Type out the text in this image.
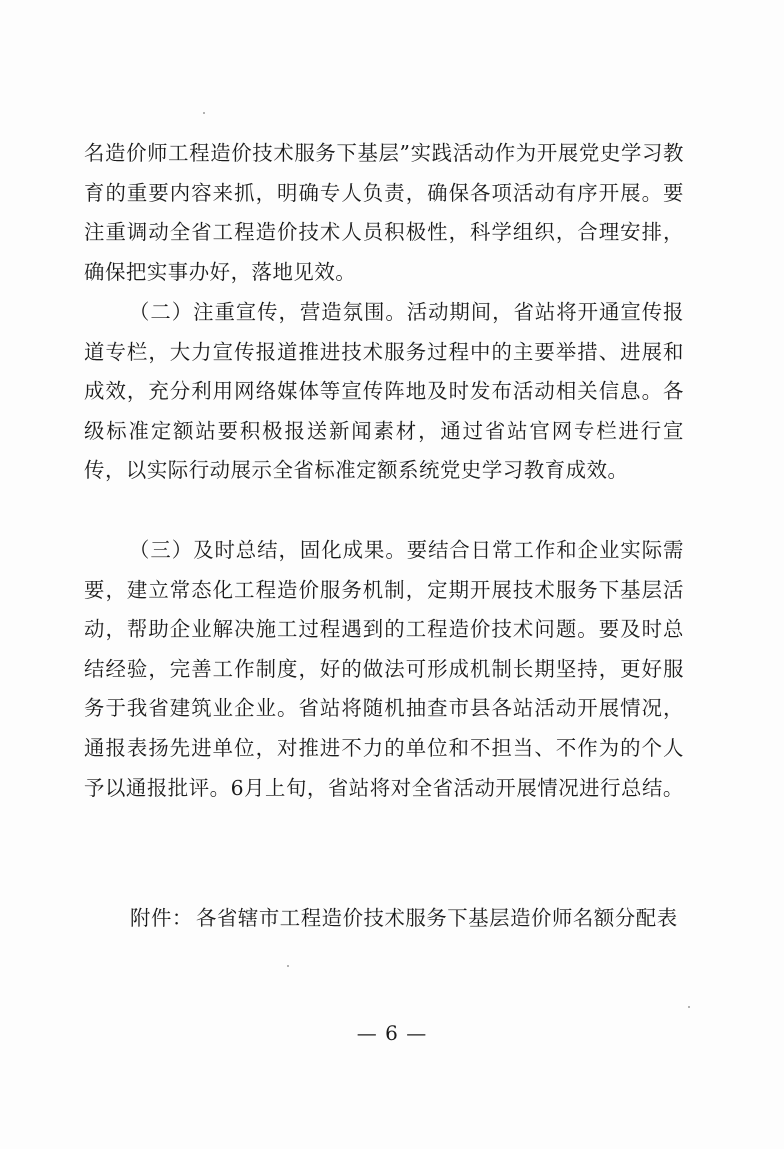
名造价师工程造价技术服务下基层”实践活动作为开展党史学习教育的重要内容来抓，明确专人负责，确保各项活动有序开展。要注重调动全省工程造价技术人员积极性，科学组织，合理安排，确保把实事办好，落地见效。

（二）注重宣传，营造氛围。活动期间，省站将开通宣传报道专栏，大力宣传报道推进技术服务过程中的主要举措、进展和成效，充分利用网络媒体等宣传阵地及时发布活动相关信息。各级标准定额站要积极报送新闻素材，通过省站官网专栏进行宣传，以实际行动展示全省标准定额系统党史学习教育成效。

（三）及时总结，固化成果。要结合日常工作和企业实际需要，建立常态化工程造价服务机制，定期开展技术服务下基层活动，帮助企业解决施工过程遇到的工程造价技术问题。要及时总结经验，完善工作制度，好的做法可形成机制长期坚持，更好服务于我省建筑业企业。省站将随机抽查市县各站活动开展情况，通报表扬先进单位，对推进不力的单位和不担当、不作为的个人予以通报批评。6月上旬，省站将对全省活动开展情况进行总结。

附件： 各省辖市工程造价技术服务下基层造价师名额分配表
— 6 —
